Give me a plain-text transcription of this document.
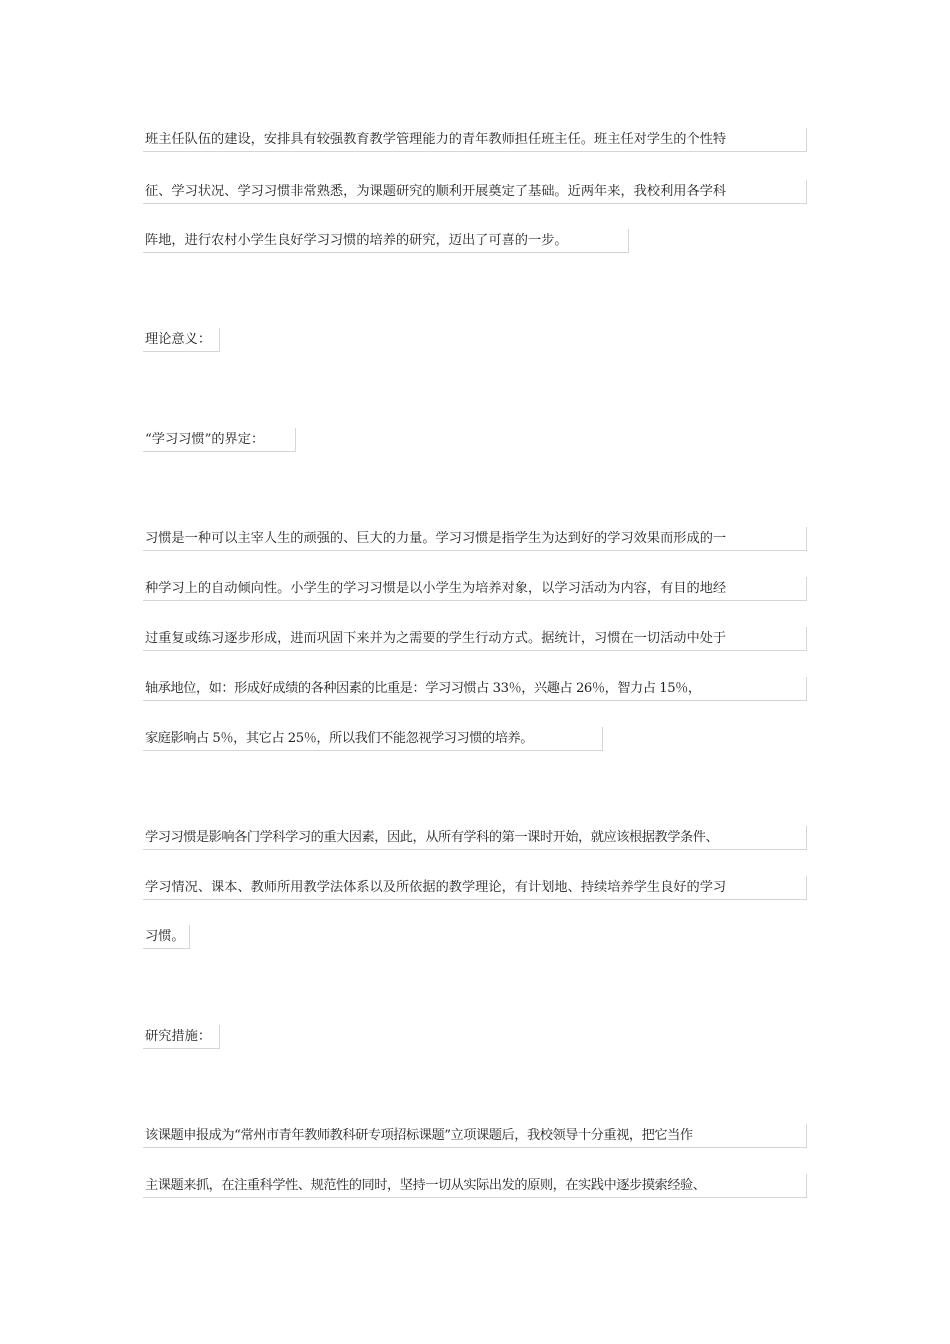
班主任队伍的建设，安排具有较强教育教学管理能力的青年教师担任班主任。班主任对学生的个性特
征、学习状况、学习习惯非常熟悉，为课题研究的顺利开展奠定了基础。近两年来，我校利用各学科
阵地，进行农村小学生良好学习习惯的培养的研究，迈出了可喜的一步。
理论意义：
“学习习惯”的界定：
习惯是一种可以主宰人生的顽强的、巨大的力量。学习习惯是指学生为达到好的学习效果而形成的一
种学习上的自动倾向性。小学生的学习习惯是以小学生为培养对象，以学习活动为内容，有目的地经
过重复或练习逐步形成，进而巩固下来并为之需要的学生行动方式。据统计，习惯在一切活动中处于
轴承地位，如：形成好成绩的各种因素的比重是：学习习惯占 33％，兴趣占 26％，智力占 15％，
家庭影响占 5％，其它占 25％，所以我们不能忽视学习习惯的培养。
学习习惯是影响各门学科学习的重大因素，因此，从所有学科的第一课时开始，就应该根据教学条件、
学习情况、课本、教师所用教学法体系以及所依据的教学理论，有计划地、持续培养学生良好的学习
习惯。
研究措施：
该课题申报成为“常州市青年教师教科研专项招标课题”立项课题后，我校领导十分重视，把它当作
主课题来抓，在注重科学性、规范性的同时，坚持一切从实际出发的原则，在实践中逐步摸索经验、
